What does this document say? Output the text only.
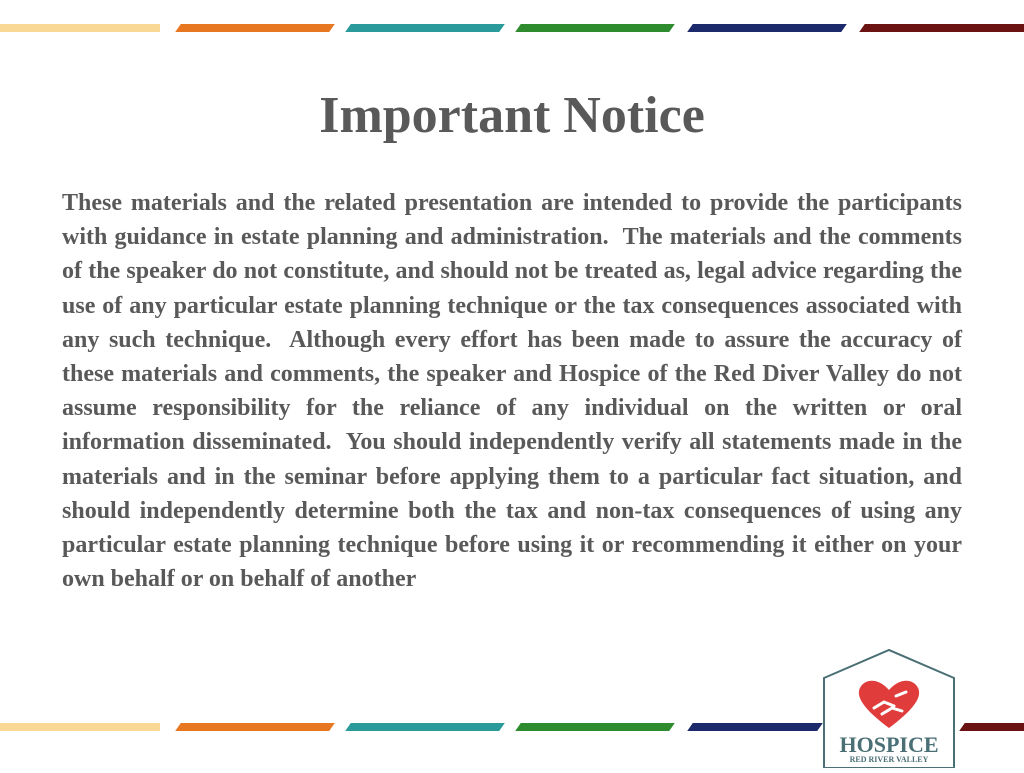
Important Notice

These materials and the related presentation are intended to provide the participants with guidance in estate planning and administration.  The materials and the comments of the speaker do not constitute, and should not be treated as, legal advice regarding the use of any particular estate planning technique or the tax consequences associated with any such technique.  Although every effort has been made to assure the accuracy of these materials and comments, the speaker and Hospice of the Red Diver Valley do not assume responsibility for the reliance of any individual on the written or oral information disseminated.  You should independently verify all statements made in the materials and in the seminar before applying them to a particular fact situation, and should independently determine both the tax and non-tax consequences of using any particular estate planning technique before using it or recommending it either on your own behalf or on behalf of another

HOSPICE
RED RIVER VALLEY
